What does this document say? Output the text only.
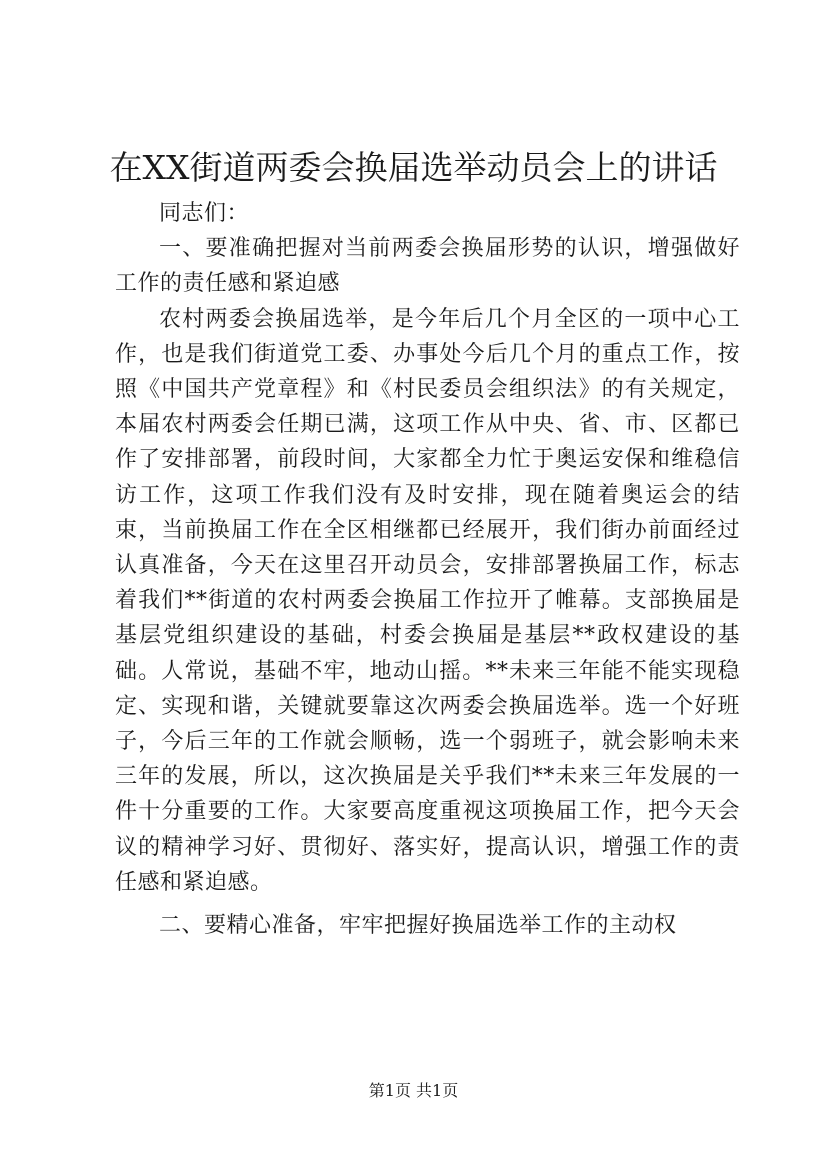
在XX街道两委会换届选举动员会上的讲话

同志们：

一、要准确把握对当前两委会换届形势的认识，增强做好工作的责任感和紧迫感

农村两委会换届选举，是今年后几个月全区的一项中心工作，也是我们街道党工委、办事处今后几个月的重点工作，按照《中国共产党章程》和《村民委员会组织法》的有关规定，本届农村两委会任期已满，这项工作从中央、省、市、区都已作了安排部署，前段时间，大家都全力忙于奥运安保和维稳信访工作，这项工作我们没有及时安排，现在随着奥运会的结束，当前换届工作在全区相继都已经展开，我们街办前面经过认真准备，今天在这里召开动员会，安排部署换届工作，标志着我们**街道的农村两委会换届工作拉开了帷幕。支部换届是基层党组织建设的基础，村委会换届是基层**政权建设的基础。人常说，基础不牢，地动山摇。**未来三年能不能实现稳定、实现和谐，关键就要靠这次两委会换届选举。选一个好班子，今后三年的工作就会顺畅，选一个弱班子，就会影响未来三年的发展，所以，这次换届是关乎我们**未来三年发展的一件十分重要的工作。大家要高度重视这项换届工作，把今天会议的精神学习好、贯彻好、落实好，提高认识，增强工作的责任感和紧迫感。

二、要精心准备，牢牢把握好换届选举工作的主动权

第1页 共1页
